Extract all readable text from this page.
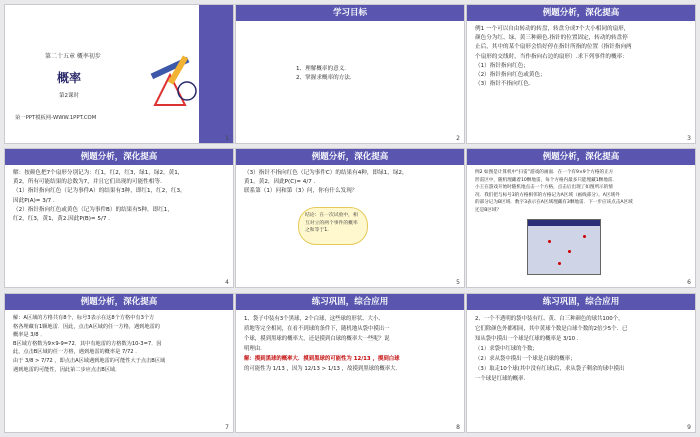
第二十五章 概率初步
概率
第2课时
第一PPT模板网-WWW.1PPT.COM
1
学习目标
1、理解概率的意义.
2、掌握求概率的方法.
2
例题分析，深化提高
例1 一个可以自由转动的转盘，转盘分成7个大小相同的扇形，
颜色分为红、绿、黄三种颜色.指针的位置固定，转动的转盘停
止后，其中的某个扇形会恰好停在指针所指的位置（指针指向两
个扇形的交线时，当作指向右边的扇形）.求下列事件的概率：
（1）指针指向红色；
（2）指针指向红色或黄色；
（3）指针不指向红色.
3
例题分析，深化提高
解：按颜色把7个扇形分别记为：红1，红2，红3，绿1，绿2，黄1，
黄2，所有可能结果的总数为7，并且它们出现的可能性相等.
（1）指针指向红色（记为事件A）的结果有3种，即红1，红2，红3，
因此P(A)= 3/7 .
（2）指针指向红色或黄色（记为事件B）的结果有5种，即红1，
红2，红3，黄1，黄2.因此P(B)= 5/7 .
4
例题分析，深化提高
（3）指针不指向红色（记为事件C）的结果有4种，即绿1，绿2，
黄1，黄2，因此P(C)= 4/7 .
联系第（1）问和第（3）问，你有什么发现？
结论：在一次试验中，相互对立的两个事件的概率之和等于1.
5
例题分析，深化提高
例2 如图是计算机中“扫雷”游戏的画面．在一个有9×9个方格的正方
形雷区中，随机埋藏着10颗地雷，每个方格内最多只能埋藏1颗地雷．
小王在游戏开始时随机地点击一个方格，点击后出现了如图所示的情
况．我们把与标号3的方格相邻的方格记为A区域（画线部分），A区域外
的部分记为B区域．数字3表示在A区域埋藏有3颗地雷．下一步应该点击A区域
还是B区域？
6
例题分析，深化提高
解：A区域的方格共有8个，标号3表示在这8个方格中有3个方
格各埋藏有1颗地雷．因此，点击A区域的任一方格，遇到地雷的
概率是 3/8 ．
B区域方格数为9×9-9=72．其中有地雷的方格数为10-3=7．因
此，点击B区域的任一方格，遇到地雷的概率是 7/72 ．
由于 3/8 > 7/72 ，即点击A区域遇到地雷的可能性大于点击B区域
遇到地雷的可能性，因此第二步应点击B区域．
7
练习巩固，综合应用
1、袋子中装有3个黑球，2个白球，这些球的形状、大小、
质地等完全相同，在看不到球的条件下，随机地从袋中摸出一
个球，摸到黑球的概率大，还是摸到白球的概率大一些呢？说
明理由.
解：摸到黑球的概率大．摸到黑球的可能性为 12/13 ，摸到白球
的可能性为 1/13 ，因为 12/13 > 1/13 ，故摸到黑球的概率大.
8
练习巩固，综合应用
2、一个不透明的袋中装有红、黄、白三种颜色的球共100个，
它们除颜色外都相同，其中黄球个数是白球个数的2倍少5个．已
知从袋中摸出一个球是红球的概率是 3/10 ．
（1）求袋中红球的个数；
（2）求从袋中摸出一个球是白球的概率；
（3）取走10个球(其中没有红球)后，求从袋子剩余的球中摸出
一个球是红球的概率.
9
